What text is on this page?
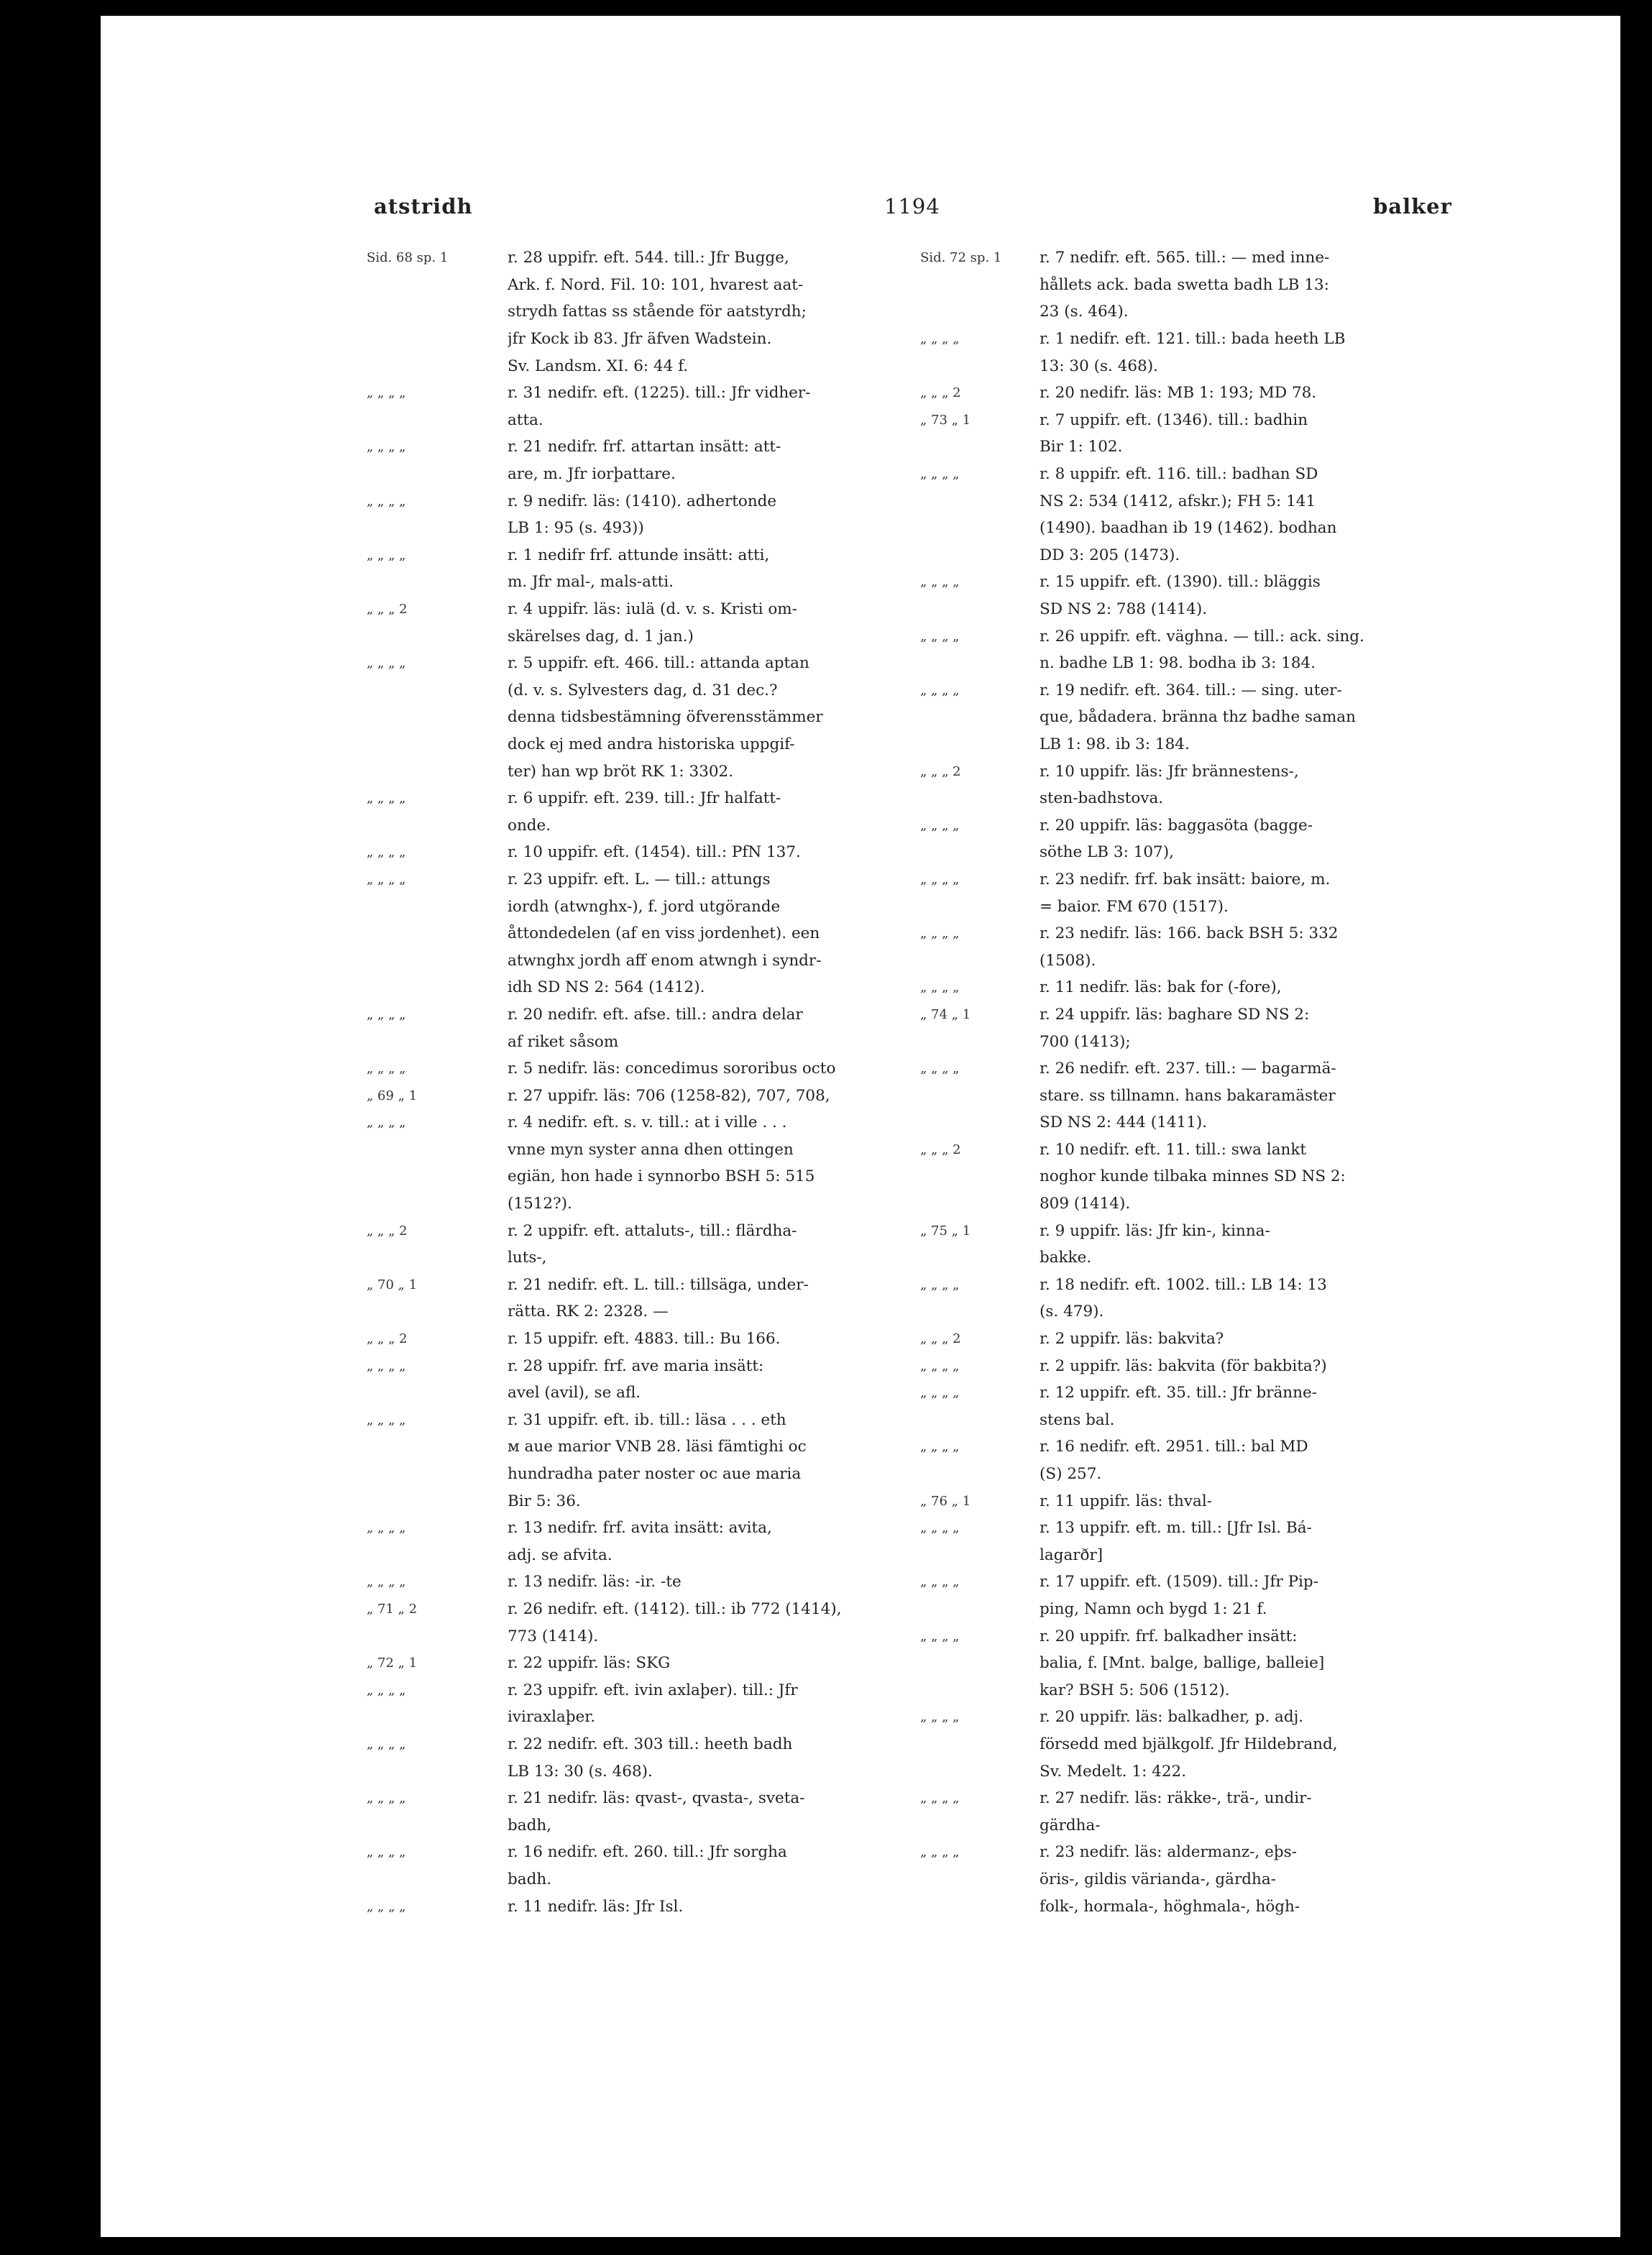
atstridh	1194	balker
Sid. 68 sp. 1	r. 28 uppifr. eft. 544. till.: Jfr Bugge,
Ark. f. Nord. Fil. 10: 101, hvarest aat-
strydh fattas ss stående för aatstyrdh;
jfr Kock ib 83. Jfr äfven Wadstein.
Sv. Landsm. XI. 6: 44 f.
„ „ „ „	r. 31 nedifr. eft. (1225). till.: Jfr vidher-
atta.
„ „ „ „	r. 21 nedifr. frf. attartan insätt: att-
are, m. Jfr iorþattare.
„ „ „ „	r. 9 nedifr. läs: (1410). adhertonde
LB 1: 95 (s. 493))
„ „ „ „	r. 1 nedifr frf. attunde insätt: atti,
m. Jfr mal-, mals-atti.
„ „ „ 2	r. 4 uppifr. läs: iulä (d. v. s. Kristi om-
skärelses dag, d. 1 jan.)
„ „ „ „	r. 5 uppifr. eft. 466. till.: attanda aptan
(d. v. s. Sylvesters dag, d. 31 dec.?
denna tidsbestämning öfverensstämmer
dock ej med andra historiska uppgif-
ter) han wp bröt RK 1: 3302.
„ „ „ „	r. 6 uppifr. eft. 239. till.: Jfr halfatt-
onde.
„ „ „ „	r. 10 uppifr. eft. (1454). till.: PfN 137.
„ „ „ „	r. 23 uppifr. eft. L. — till.: attungs
iordh (atwnghx-), f. jord utgörande
åttondedelen (af en viss jordenhet). een
atwnghx jordh aff enom atwngh i syndr-
idh SD NS 2: 564 (1412).
„ „ „ „	r. 20 nedifr. eft. afse. till.: andra delar
af riket såsom
„ „ „ „	r. 5 nedifr. läs: concedimus sororibus octo
„ 69 „ 1	r. 27 uppifr. läs: 706 (1258-82), 707, 708,
„ „ „ „	r. 4 nedifr. eft. s. v. till.: at i ville . . .
vnne myn syster anna dhen ottingen
egiän, hon hade i synnorbo BSH 5: 515
(1512?).
„ „ „ 2	r. 2 uppifr. eft. attaluts-, till.: flärdha-
luts-,
„ 70 „ 1	r. 21 nedifr. eft. L. till.: tillsäga, under-
rätta. RK 2: 2328. —
„ „ „ 2	r. 15 uppifr. eft. 4883. till.: Bu 166.
„ „ „ „	r. 28 uppifr. frf. ave maria insätt:
avel (avil), se afl.
„ „ „ „	r. 31 uppifr. eft. ib. till.: läsa . . . eth
м aue marior VNB 28. läsi fämtighi oc
hundradha pater noster oc aue maria
Bir 5: 36.
„ „ „ „	r. 13 nedifr. frf. avita insätt: avita,
adj. se afvita.
„ „ „ „	r. 13 nedifr. läs: -ir. -te
„ 71 „ 2	r. 26 nedifr. eft. (1412). till.: ib 772 (1414),
773 (1414).
„ 72 „ 1	r. 22 uppifr. läs: SKG
„ „ „ „	r. 23 uppifr. eft. ivin axlaþer). till.: Jfr
iviraxlaþer.
„ „ „ „	r. 22 nedifr. eft. 303 till.: heeth badh
LB 13: 30 (s. 468).
„ „ „ „	r. 21 nedifr. läs: qvast-, qvasta-, sveta-
badh,
„ „ „ „	r. 16 nedifr. eft. 260. till.: Jfr sorgha
badh.
„ „ „ „	r. 11 nedifr. läs: Jfr Isl.
Sid. 72 sp. 1	r. 7 nedifr. eft. 565. till.: — med inne-
hållets ack. bada swetta badh LB 13:
23 (s. 464).
„ „ „ „	r. 1 nedifr. eft. 121. till.: bada heeth LB
13: 30 (s. 468).
„ „ „ 2	r. 20 nedifr. läs: MB 1: 193; MD 78.
„ 73 „ 1	r. 7 uppifr. eft. (1346). till.: badhin
Bir 1: 102.
„ „ „ „	r. 8 uppifr. eft. 116. till.: badhan SD
NS 2: 534 (1412, afskr.); FH 5: 141
(1490). baadhan ib 19 (1462). bodhan
DD 3: 205 (1473).
„ „ „ „	r. 15 uppifr. eft. (1390). till.: bläggis
SD NS 2: 788 (1414).
„ „ „ „	r. 26 uppifr. eft. väghna. — till.: ack. sing.
n. badhe LB 1: 98. bodha ib 3: 184.
„ „ „ „	r. 19 nedifr. eft. 364. till.: — sing. uter-
que, bådadera. bränna thz badhe saman
LB 1: 98. ib 3: 184.
„ „ „ 2	r. 10 uppifr. läs: Jfr brännestens-,
sten-badhstova.
„ „ „ „	r. 20 uppifr. läs: baggasöta (bagge-
söthe LB 3: 107),
„ „ „ „	r. 23 nedifr. frf. bak insätt: baiore, m.
= baior. FM 670 (1517).
„ „ „ „	r. 23 nedifr. läs: 166. back BSH 5: 332
(1508).
„ „ „ „	r. 11 nedifr. läs: bak for (-fore),
„ 74 „ 1	r. 24 uppifr. läs: baghare SD NS 2:
700 (1413);
„ „ „ „	r. 26 nedifr. eft. 237. till.: — bagarmä-
stare. ss tillnamn. hans bakaramäster
SD NS 2: 444 (1411).
„ „ „ 2	r. 10 nedifr. eft. 11. till.: swa lankt
noghor kunde tilbaka minnes SD NS 2:
809 (1414).
„ 75 „ 1	r. 9 uppifr. läs: Jfr kin-, kinna-
bakke.
„ „ „ „	r. 18 nedifr. eft. 1002. till.: LB 14: 13
(s. 479).
„ „ „ 2	r. 2 uppifr. läs: bakvita?
„ „ „ „	r. 2 uppifr. läs: bakvita (för bakbita?)
„ „ „ „	r. 12 uppifr. eft. 35. till.: Jfr bränne-
stens bal.
„ „ „ „	r. 16 nedifr. eft. 2951. till.: bal MD
(S) 257.
„ 76 „ 1	r. 11 uppifr. läs: thval-
„ „ „ „	r. 13 uppifr. eft. m. till.: [Jfr Isl. Bá-
lagarðr]
„ „ „ „	r. 17 uppifr. eft. (1509). till.: Jfr Pip-
ping, Namn och bygd 1: 21 f.
„ „ „ „	r. 20 uppifr. frf. balkadher insätt:
balia, f. [Mnt. balge, ballige, balleie]
kar? BSH 5: 506 (1512).
„ „ „ „	r. 20 uppifr. läs: balkadher, p. adj.
försedd med bjälkgolf. Jfr Hildebrand,
Sv. Medelt. 1: 422.
„ „ „ „	r. 27 nedifr. läs: räkke-, trä-, undir-
gärdha-
„ „ „ „	r. 23 nedifr. läs: aldermanz-, eþs-
öris-, gildis värianda-, gärdha-
folk-, hormala-, höghmala-, högh-
